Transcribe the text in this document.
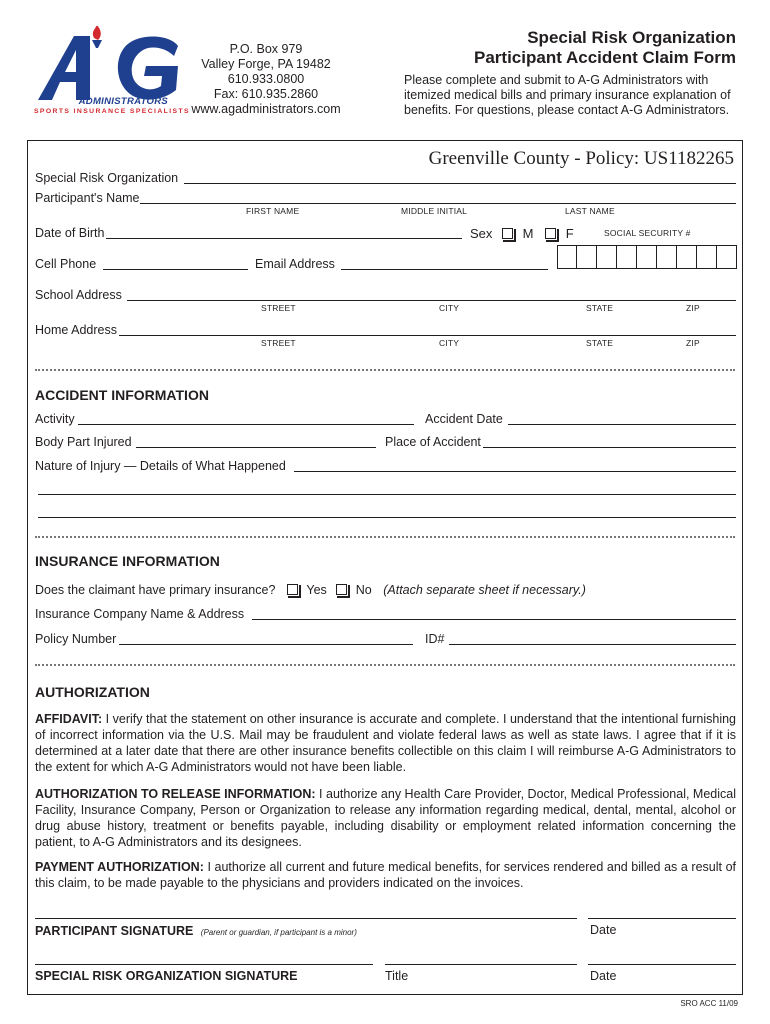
ADMINISTRATORS
SPORTS INSURANCE SPECIALISTS
P.O. Box 979
Valley Forge, PA 19482
610.933.0800
Fax: 610.935.2860
www.agadministrators.com
Special Risk Organization
Participant Accident Claim Form
Please complete and submit to A-G Administrators with itemized medical bills and primary insurance explanation of benefits. For questions, please contact A-G Administrators.
Greenville County - Policy: US1182265
Special Risk Organization
Participant's Name
FIRST NAME	MIDDLE INITIAL	LAST NAME
Date of Birth	Sex M F	SOCIAL SECURITY #
Cell Phone	Email Address
School Address
STREET	CITY	STATE	ZIP
Home Address
STREET	CITY	STATE	ZIP
ACCIDENT INFORMATION
Activity	Accident Date
Body Part Injured	Place of Accident
Nature of Injury — Details of What Happened
INSURANCE INFORMATION
Does the claimant have primary insurance? Yes No (Attach separate sheet if necessary.)
Insurance Company Name & Address
Policy Number	ID#
AUTHORIZATION
AFFIDAVIT: I verify that the statement on other insurance is accurate and complete. I understand that the intentional furnishing of incorrect information via the U.S. Mail may be fraudulent and violate federal laws as well as state laws. I agree that if it is determined at a later date that there are other insurance benefits collectible on this claim I will reimburse A-G Administrators to the extent for which A-G Administrators would not have been liable.
AUTHORIZATION TO RELEASE INFORMATION: I authorize any Health Care Provider, Doctor, Medical Professional, Medical Facility, Insurance Company, Person or Organization to release any information regarding medical, dental, mental, alcohol or drug abuse history, treatment or benefits payable, including disability or employment related information concerning the patient, to A-G Administrators and its designees.
PAYMENT AUTHORIZATION: I authorize all current and future medical benefits, for services rendered and billed as a result of this claim, to be made payable to the physicians and providers indicated on the invoices.
PARTICIPANT SIGNATURE (Parent or guardian, if participant is a minor)	Date
SPECIAL RISK ORGANIZATION SIGNATURE	Title	Date
SRO ACC 11/09
